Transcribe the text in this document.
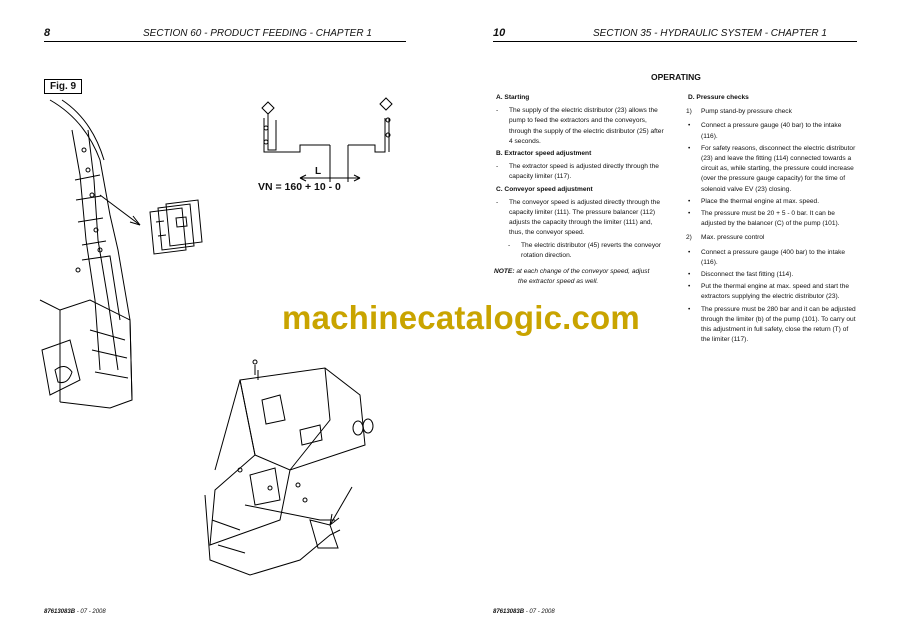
8	SECTION 60 - PRODUCT FEEDING - CHAPTER 1	10	SECTION 35 - HYDRAULIC SYSTEM - CHAPTER 1
Fig. 9
L
VN = 160 + 10 - 0
machinecatalogic.com
OPERATING
A. Starting
- The supply of the electric distributor (23) allows the pump to feed the extractors and the conveyors, through the supply of the electric distributor (25) after 4 seconds.
B. Extractor speed adjustment
- The extractor speed is adjusted directly through the capacity limiter (117).
C. Conveyor speed adjustment
- The conveyor speed is adjusted directly through the capacity limiter (111). The pressure balancer (112) adjusts the capacity through the limiter (111) and, thus, the conveyor speed.
- The electric distributor (45) reverts the conveyor rotation direction.
NOTE: at each change of the conveyor speed, adjust
the extractor speed as well.
D. Pressure checks
1) Pump stand-by pressure check
• Connect a pressure gauge (40 bar) to the intake (116).
• For safety reasons, disconnect the electric distributor (23) and leave the fitting (114) connected towards a circuit as, while starting, the pressure could increase (over the pressure gauge capacity) for the time of solenoid valve EV (23) closing.
• Place the thermal engine at max. speed.
• The pressure must be 20 + 5 - 0 bar. It can be adjusted by the balancer (C) of the pump (101).
2) Max. pressure control
• Connect a pressure gauge (400 bar) to the intake (116).
• Disconnect the fast fitting (114).
• Put the thermal engine at max. speed and start the extractors supplying the electric distributor (23).
• The pressure must be 280 bar and it can be adjusted through the limiter (b) of the pump (101). To carry out this adjustment in full safety, close the return (T) of the limiter (117).
87613083B - 07 - 2008	87613083B - 07 - 2008
